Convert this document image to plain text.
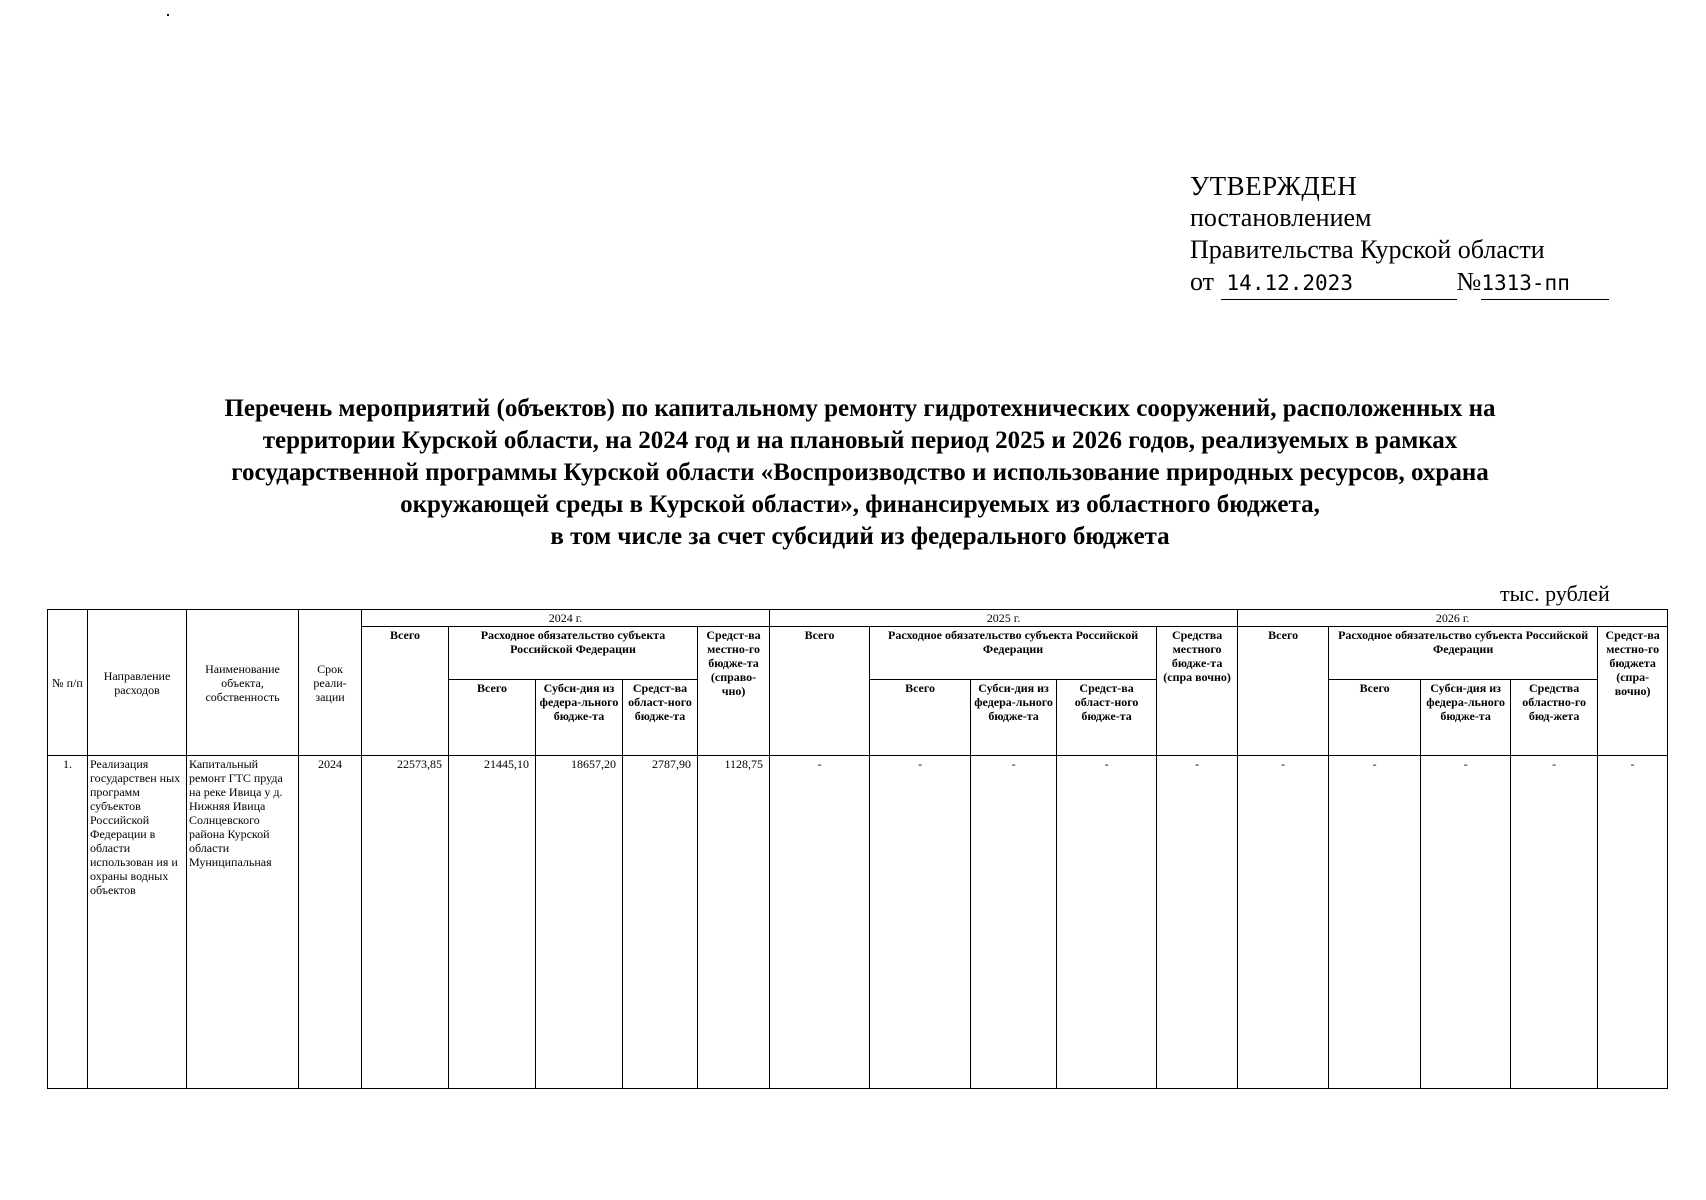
УТВЕРЖДЕН
постановлением
Правительства Курской области
от 14.12.2023	№1313-пп
Перечень мероприятий (объектов) по капитальному ремонту гидротехнических сооружений, расположенных на
территории Курской области, на 2024 год и на плановый период 2025 и 2026 годов, реализуемых в рамках
государственной программы Курской области «Воспроизводство и использование природных ресурсов, охрана
окружающей среды в Курской области», финансируемых из областного бюджета,
в том числе за счет субсидий из федерального бюджета
тыс. рублей
№ п/п	Направление расходов	Наименование объекта, собственность	Срок реали-зации	2024 г.					2025 г.					2026 г.				
				Всего	Расходное обязательство субъекта Российской Федерации			Средст-ва местно-го бюдже-та (справо-чно)	Всего	Расходное обязательство субъекта Российской Федерации			Средства местного бюдже-та (спра вочно)	Всего	Расходное обязательство субъекта Российской Федерации			Средст-ва местно-го бюджета (спра-вочно)
					Всего	Субси-дия из федера-льного бюдже-та	Средст-ва област-ного бюдже-та			Всего	Субси-дия из федера-льного бюдже-та	Средст-ва област-ного бюдже-та			Всего	Субси-дия из федера-льного бюдже-та	Средства областно-го бюд-жета	

1.	Реализация государствен ных программ субъектов Российской Федерации в области использован ия и охраны водных объектов	Капитальный ремонт ГТС пруда на реке Ивица у д. Нижняя Ивица Солнцевского района Курской области Муниципальная	2024	22573,85	21445,10	18657,20	2787,90	1128,75	-	-	-	-	-	-	-	-	-	-
